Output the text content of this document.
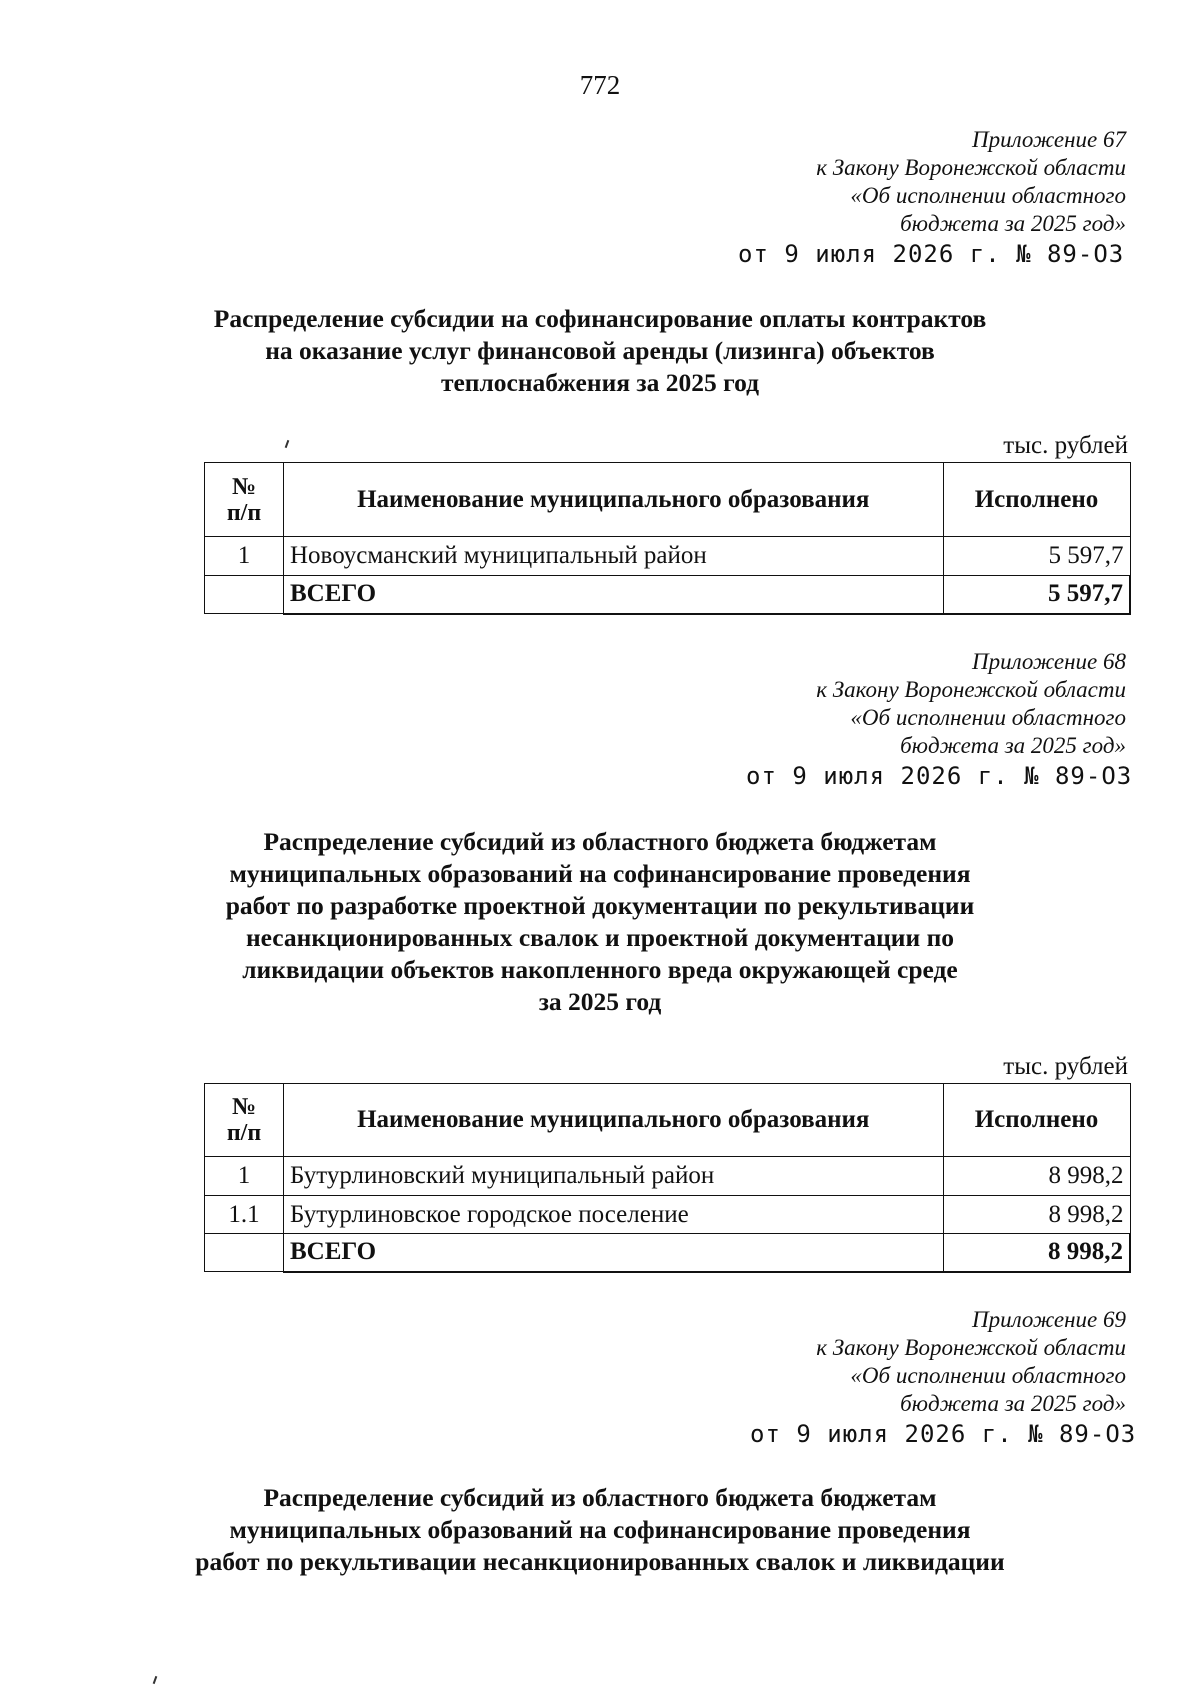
772
Приложение 67
к Закону Воронежской области
«Об исполнении областного
бюджета за 2025 год»
от 9 июля 2026 г. № 89-ОЗ
Распределение субсидии на софинансирование оплаты контрактов
на оказание услуг финансовой аренды (лизинга) объектов
теплоснабжения за 2025 год
тыс. рублей
№
п/п	Наименование муниципального образования	Исполнено
1	Новоусманский муниципальный район	5 597,7
	ВСЕГО	5 597,7
Приложение 68
к Закону Воронежской области
«Об исполнении областного
бюджета за 2025 год»
от 9 июля 2026 г. № 89-ОЗ
Распределение субсидий из областного бюджета бюджетам
муниципальных образований на софинансирование проведения
работ по разработке проектной документации по рекультивации
несанкционированных свалок и проектной документации по
ликвидации объектов накопленного вреда окружающей среде
за 2025 год
тыс. рублей
№
п/п	Наименование муниципального образования	Исполнено
1	Бутурлиновский муниципальный район	8 998,2
1.1	Бутурлиновское городское поселение	8 998,2
	ВСЕГО	8 998,2
Приложение 69
к Закону Воронежской области
«Об исполнении областного
бюджета за 2025 год»
от 9 июля 2026 г. № 89-ОЗ
Распределение субсидий из областного бюджета бюджетам
муниципальных образований на софинансирование проведения
работ по рекультивации несанкционированных свалок и ликвидации
